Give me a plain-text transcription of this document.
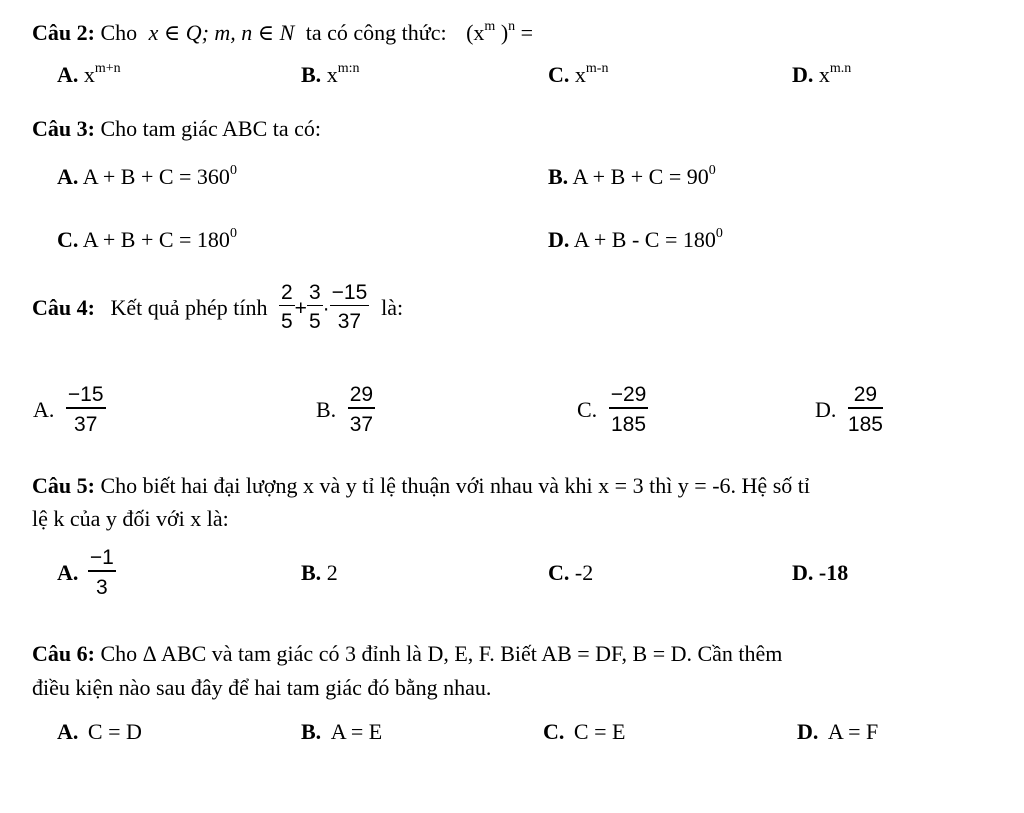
Câu 2: Cho x ∈ Q; m, n ∈ N ta có công thức: ($x^m$ )$^n$ =
A. $x^{m+n}$	B. $x^{m:n}$	C. $x^{m-n}$	D. $x^{m.n}$
Câu 3: Cho tam giác ABC ta có:
A. $A + B + C = 360^0$	B. $A + B + C = 90^0$
C. $A + B + C = 180^0$	D. $A + B - C = 180^0$
Câu 4: Kết quả phép tính $\frac{2}{5} + \frac{3}{5} \cdot \frac{-15}{37}$ là:
A. $\frac{-15}{37}$	B. $\frac{29}{37}$	C. $\frac{-29}{185}$	D. $\frac{29}{185}$
Câu 5: Cho biết hai đại lượng x và y tỉ lệ thuận với nhau và khi x = 3 thì y = -6. Hệ số tỉ
lệ k của y đối với x là:
A. $\frac{-1}{3}$	B. 2	C. -2	D. -18
Câu 6: Cho Δ ABC và tam giác có 3 đỉnh là D, E, F. Biết AB = DF, B = D. Cần thêm
điều kiện nào sau đây để hai tam giác đó bằng nhau.
A. C = D	B. A = E	C. C = E	D. A = F
